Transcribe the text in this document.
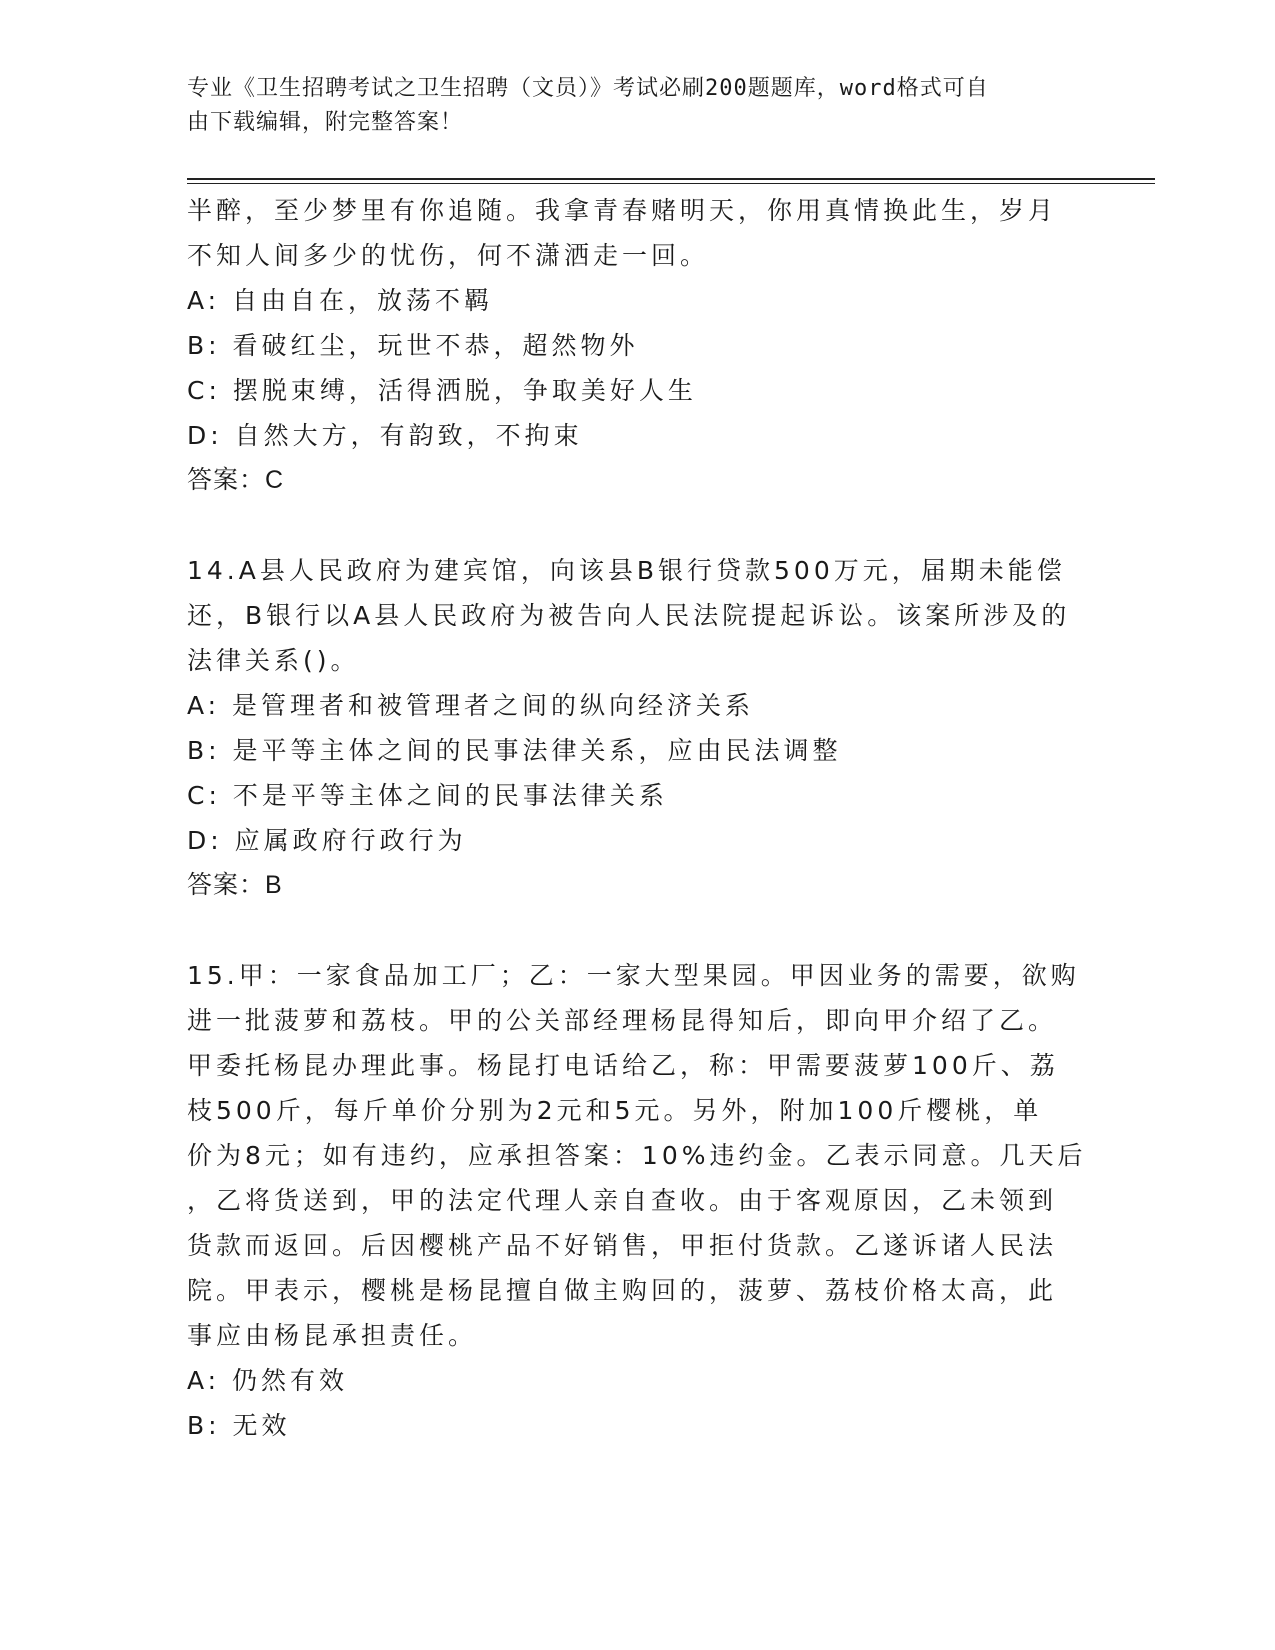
专业《卫生招聘考试之卫生招聘（文员）》考试必刷200题题库，word格式可自
由下载编辑，附完整答案！

半醉，至少梦里有你追随。我拿青春赌明天，你用真情换此生，岁月

不知人间多少的忧伤，何不潇洒走一回。

A: 自由自在，放荡不羁

B: 看破红尘，玩世不恭，超然物外

C: 摆脱束缚，活得洒脱，争取美好人生

D: 自然大方，有韵致，不拘束

答案：C

14.A县人民政府为建宾馆，向该县B银行贷款500万元，届期未能偿

还，B银行以A县人民政府为被告向人民法院提起诉讼。该案所涉及的

法律关系()。

A: 是管理者和被管理者之间的纵向经济关系

B: 是平等主体之间的民事法律关系，应由民法调整

C: 不是平等主体之间的民事法律关系

D: 应属政府行政行为

答案：B

15.甲：一家食品加工厂；乙：一家大型果园。甲因业务的需要，欲购

进一批菠萝和荔枝。甲的公关部经理杨昆得知后，即向甲介绍了乙。

甲委托杨昆办理此事。杨昆打电话给乙，称：甲需要菠萝100斤、荔

枝500斤，每斤单价分别为2元和5元。另外，附加100斤樱桃，单

价为8元；如有违约，应承担答案：10%违约金。乙表示同意。几天后

，乙将货送到，甲的法定代理人亲自查收。由于客观原因，乙未领到

货款而返回。后因樱桃产品不好销售，甲拒付货款。乙遂诉诸人民法

院。甲表示，樱桃是杨昆擅自做主购回的，菠萝、荔枝价格太高，此

事应由杨昆承担责任。

A: 仍然有效

B: 无效
